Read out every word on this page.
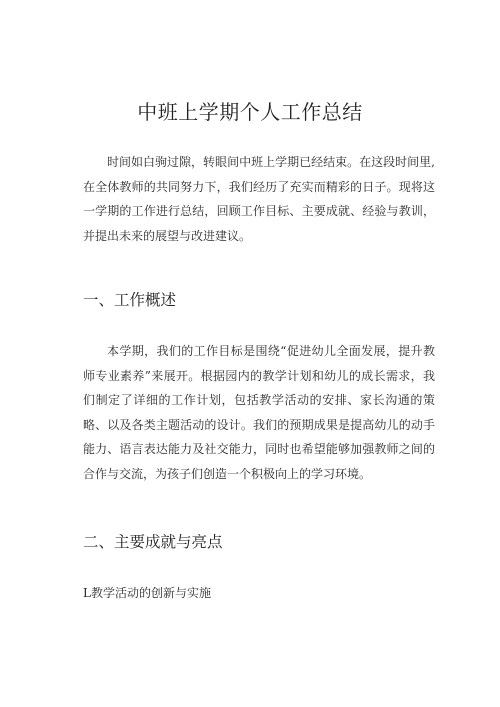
中班上学期个人工作总结

时间如白驹过隙，转眼间中班上学期已经结束。在这段时间里,在全体教师的共同努力下，我们经历了充实而精彩的日子。现将这一学期的工作进行总结，回顾工作目标、主要成就、经验与教训，并提出未来的展望与改进建议。

一、工作概述

本学期，我们的工作目标是围绕“促进幼儿全面发展，提升教师专业素养”来展开。根据园内的教学计划和幼儿的成长需求，我们制定了详细的工作计划，包括教学活动的安排、家长沟通的策略、以及各类主题活动的设计。我们的预期成果是提高幼儿的动手能力、语言表达能力及社交能力，同时也希望能够加强教师之间的合作与交流，为孩子们创造一个积极向上的学习环境。

二、主要成就与亮点

L教学活动的创新与实施
